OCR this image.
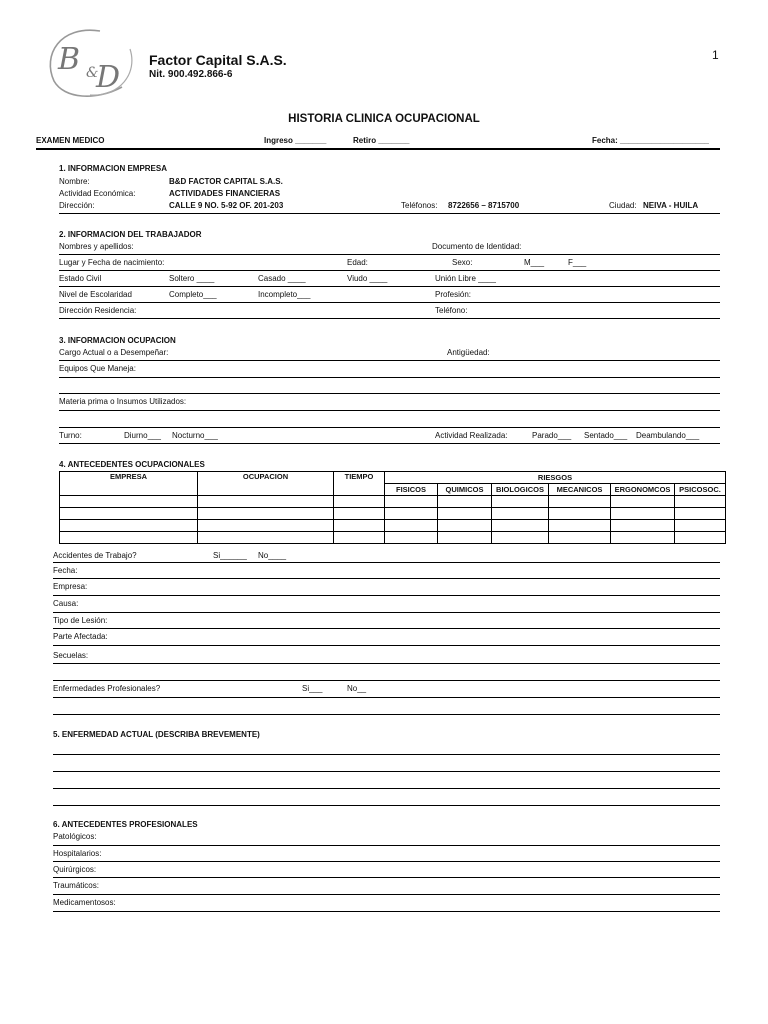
B &
D Factor Capital S.A.S.
Nit. 900.492.866-6
1
HISTORIA CLINICA OCUPACIONAL
EXAMEN MEDICO	Ingreso _______	Retiro _______	Fecha: ____________________
1. INFORMACION EMPRESA
Nombre:	B&D FACTOR CAPITAL S.A.S.
Actividad Económica:	ACTIVIDADES FINANCIERAS
Dirección:	CALLE 9 NO. 5-92 OF. 201-203	Teléfonos: 8722656 – 8715700	Ciudad: NEIVA - HUILA
2. INFORMACION DEL TRABAJADOR
Nombres y apellidos:	Documento de Identidad:
Lugar y Fecha de nacimiento:	Edad:	Sexo:	M___	F___
Estado Civil	Soltero ____	Casado ____	Viudo ____	Unión Libre ____
Nivel de Escolaridad	Completo___	Incompleto___	Profesión:
Dirección Residencia:	Teléfono:
3. INFORMACION OCUPACION
Cargo Actual o a Desempeñar:	Antigüedad:
Equipos Que Maneja:
Materia prima o Insumos Utilizados:
Turno:	Diurno___ Nocturno___	Actividad Realizada:	Parado___ Sentado___ Deambulando___
4. ANTECEDENTES OCUPACIONALES
EMPRESA	OCUPACION	TIEMPO	RIESGOS					
			FISICOS	QUIMICOS	BIOLOGICOS	MECANICOS	ERGONOMCOS	PSICOSOC.

Accidentes de Trabajo?	Si______ No____
Fecha:
Empresa:
Causa:
Tipo de Lesión:
Parte Afectada:
Secuelas:
Enfermedades Profesionales?	Si___	No__
5. ENFERMEDAD ACTUAL (DESCRIBA BREVEMENTE)
6. ANTECEDENTES PROFESIONALES
Patológicos:
Hospitalarios:
Quirúrgicos:
Traumáticos:
Medicamentosos:
